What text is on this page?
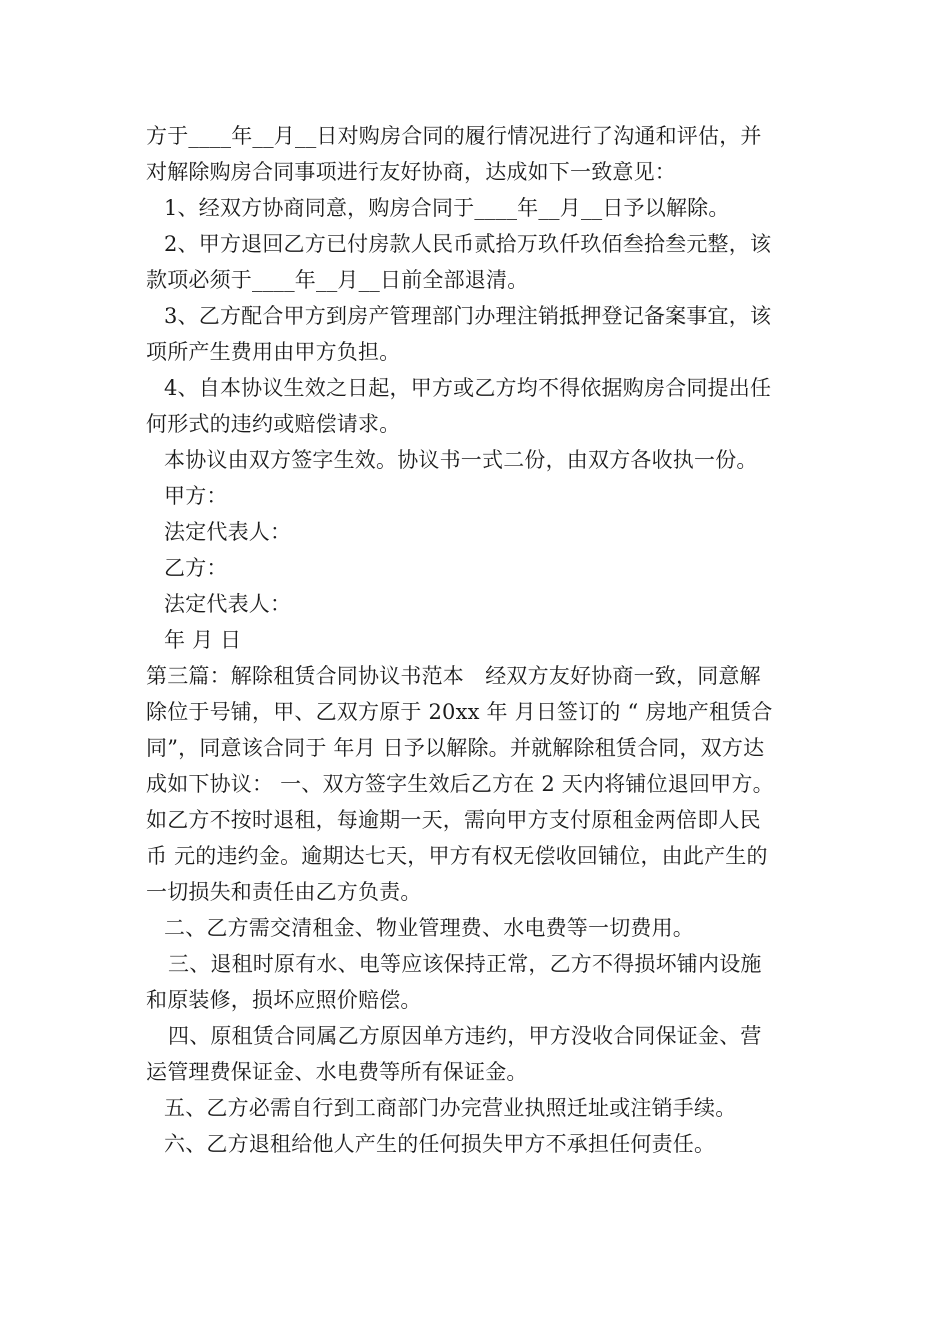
方于____年__月__日对购房合同的履行情况进行了沟通和评估，并

对解除购房合同事项进行友好协商，达成如下一致意见：

1、经双方协商同意，购房合同于____年__月__日予以解除。

2、甲方退回乙方已付房款人民币贰拾万玖仟玖佰叁拾叁元整，该

款项必须于____年__月__日前全部退清。

3、乙方配合甲方到房产管理部门办理注销抵押登记备案事宜，该

项所产生费用由甲方负担。

4、自本协议生效之日起，甲方或乙方均不得依据购房合同提出任

何形式的违约或赔偿请求。

本协议由双方签字生效。协议书一式二份，由双方各收执一份。

甲方：

法定代表人：

乙方：

法定代表人：

年 月 日

第三篇：解除租赁合同协议书范本　经双方友好协商一致，同意解

除位于号铺，甲、乙双方原于 20xx 年 月日签订的 “ 房地产租赁合

同”，同意该合同于 年月 日予以解除。并就解除租赁合同，双方达

成如下协议： 一、双方签字生效后乙方在 2 天内将铺位退回甲方。

如乙方不按时退租，每逾期一天，需向甲方支付原租金两倍即人民

币 元的违约金。逾期达七天，甲方有权无偿收回铺位，由此产生的

一切损失和责任由乙方负责。

二、乙方需交清租金、物业管理费、水电费等一切费用。

三、退租时原有水、电等应该保持正常，乙方不得损坏铺内设施

和原装修，损坏应照价赔偿。

四、原租赁合同属乙方原因单方违约，甲方没收合同保证金、营

运管理费保证金、水电费等所有保证金。

五、乙方必需自行到工商部门办完营业执照迁址或注销手续。

六、乙方退租给他人产生的任何损失甲方不承担任何责任。
